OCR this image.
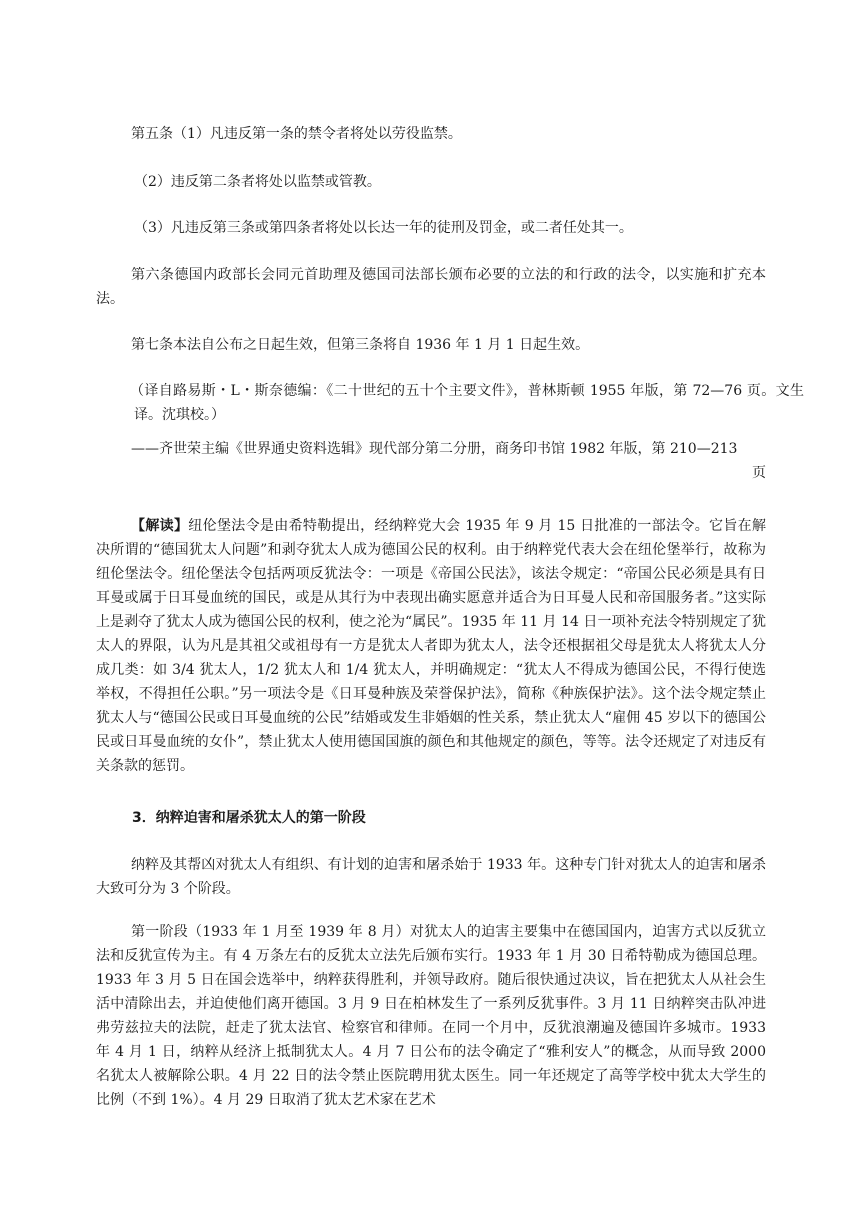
第五条（1）凡违反第一条的禁令者将处以劳役监禁。

（2）违反第二条者将处以监禁或管教。

（3）凡违反第三条或第四条者将处以长达一年的徒刑及罚金，或二者任处其一。

第六条德国内政部长会同元首助理及德国司法部长颁布必要的立法的和行政的法令，以实施和扩充本法。

第七条本法自公布之日起生效，但第三条将自 1936 年 1 月 1 日起生效。

（译自路易斯・L・斯奈德编：《二十世纪的五十个主要文件》，普林斯顿 1955 年版，第 72—76 页。文生译。沈琪校。）

——齐世荣主编《世界通史资料选辑》现代部分第二分册，商务印书馆 1982 年版，第 210—213
页

【解读】纽伦堡法令是由希特勒提出，经纳粹党大会 1935 年 9 月 15 日批准的一部法令。它旨在解决所谓的“德国犹太人问题”和剥夺犹太人成为德国公民的权利。由于纳粹党代表大会在纽伦堡举行，故称为纽伦堡法令。纽伦堡法令包括两项反犹法令：一项是《帝国公民法》，该法令规定：“帝国公民必须是具有日耳曼或属于日耳曼血统的国民，或是从其行为中表现出确实愿意并适合为日耳曼人民和帝国服务者。”这实际上是剥夺了犹太人成为德国公民的权利，使之沦为“属民”。1935 年 11 月 14 日一项补充法令特别规定了犹太人的界限，认为凡是其祖父或祖母有一方是犹太人者即为犹太人，法令还根据祖父母是犹太人将犹太人分成几类：如 3/4 犹太人，1/2 犹太人和 1/4 犹太人，并明确规定：“犹太人不得成为德国公民，不得行使选举权，不得担任公职。”另一项法令是《日耳曼种族及荣誉保护法》，简称《种族保护法》。这个法令规定禁止犹太人与“德国公民或日耳曼血统的公民”结婚或发生非婚姻的性关系，禁止犹太人“雇佣 45 岁以下的德国公民或日耳曼血统的女仆”，禁止犹太人使用德国国旗的颜色和其他规定的颜色，等等。法令还规定了对违反有关条款的惩罚。

3．纳粹迫害和屠杀犹太人的第一阶段

纳粹及其帮凶对犹太人有组织、有计划的迫害和屠杀始于 1933 年。这种专门针对犹太人的迫害和屠杀大致可分为 3 个阶段。

第一阶段（1933 年 1 月至 1939 年 8 月）对犹太人的迫害主要集中在德国国内，迫害方式以反犹立法和反犹宣传为主。有 4 万条左右的反犹太立法先后颁布实行。1933 年 1 月 30 日希特勒成为德国总理。1933 年 3 月 5 日在国会选举中，纳粹获得胜利，并领导政府。随后很快通过决议，旨在把犹太人从社会生活中清除出去，并迫使他们离开德国。3 月 9 日在柏林发生了一系列反犹事件。3 月 11 日纳粹突击队冲进弗劳兹拉夫的法院，赶走了犹太法官、检察官和律师。在同一个月中，反犹浪潮遍及德国许多城市。1933 年 4 月 1 日，纳粹从经济上抵制犹太人。4 月 7 日公布的法令确定了“雅利安人”的概念，从而导致 2000 名犹太人被解除公职。4 月 22 日的法令禁止医院聘用犹太医生。同一年还规定了高等学校中犹太大学生的比例（不到 1%）。4 月 29 日取消了犹太艺术家在艺术
